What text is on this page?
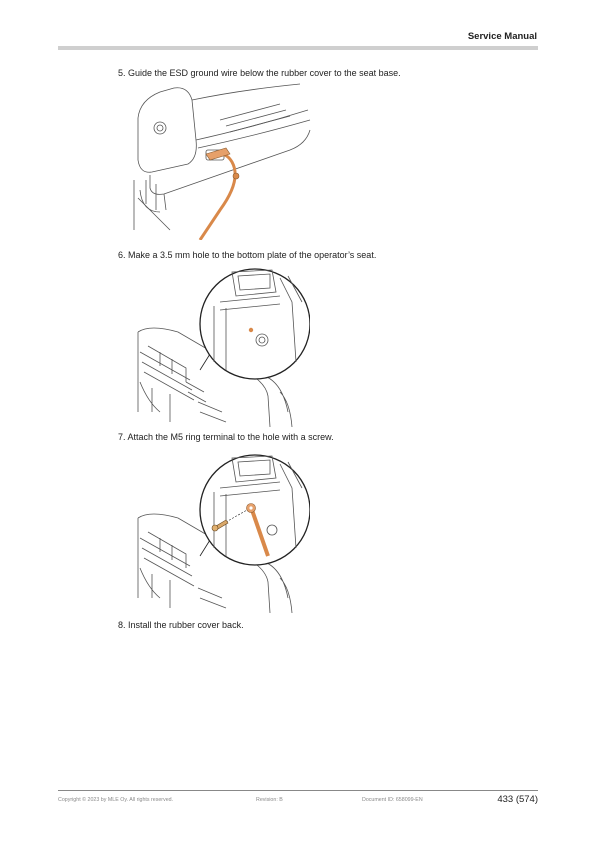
Service Manual
5. Guide the ESD ground wire below the rubber cover to the seat base.
6. Make a 3.5 mm hole to the bottom plate of the operator’s seat.
7. Attach the M5 ring terminal to the hole with a screw.
8. Install the rubber cover back.
Copyright © 2023 by MLE Oy. All rights reserved.	Revision: B	Document ID: 658099-EN	433 (574)
